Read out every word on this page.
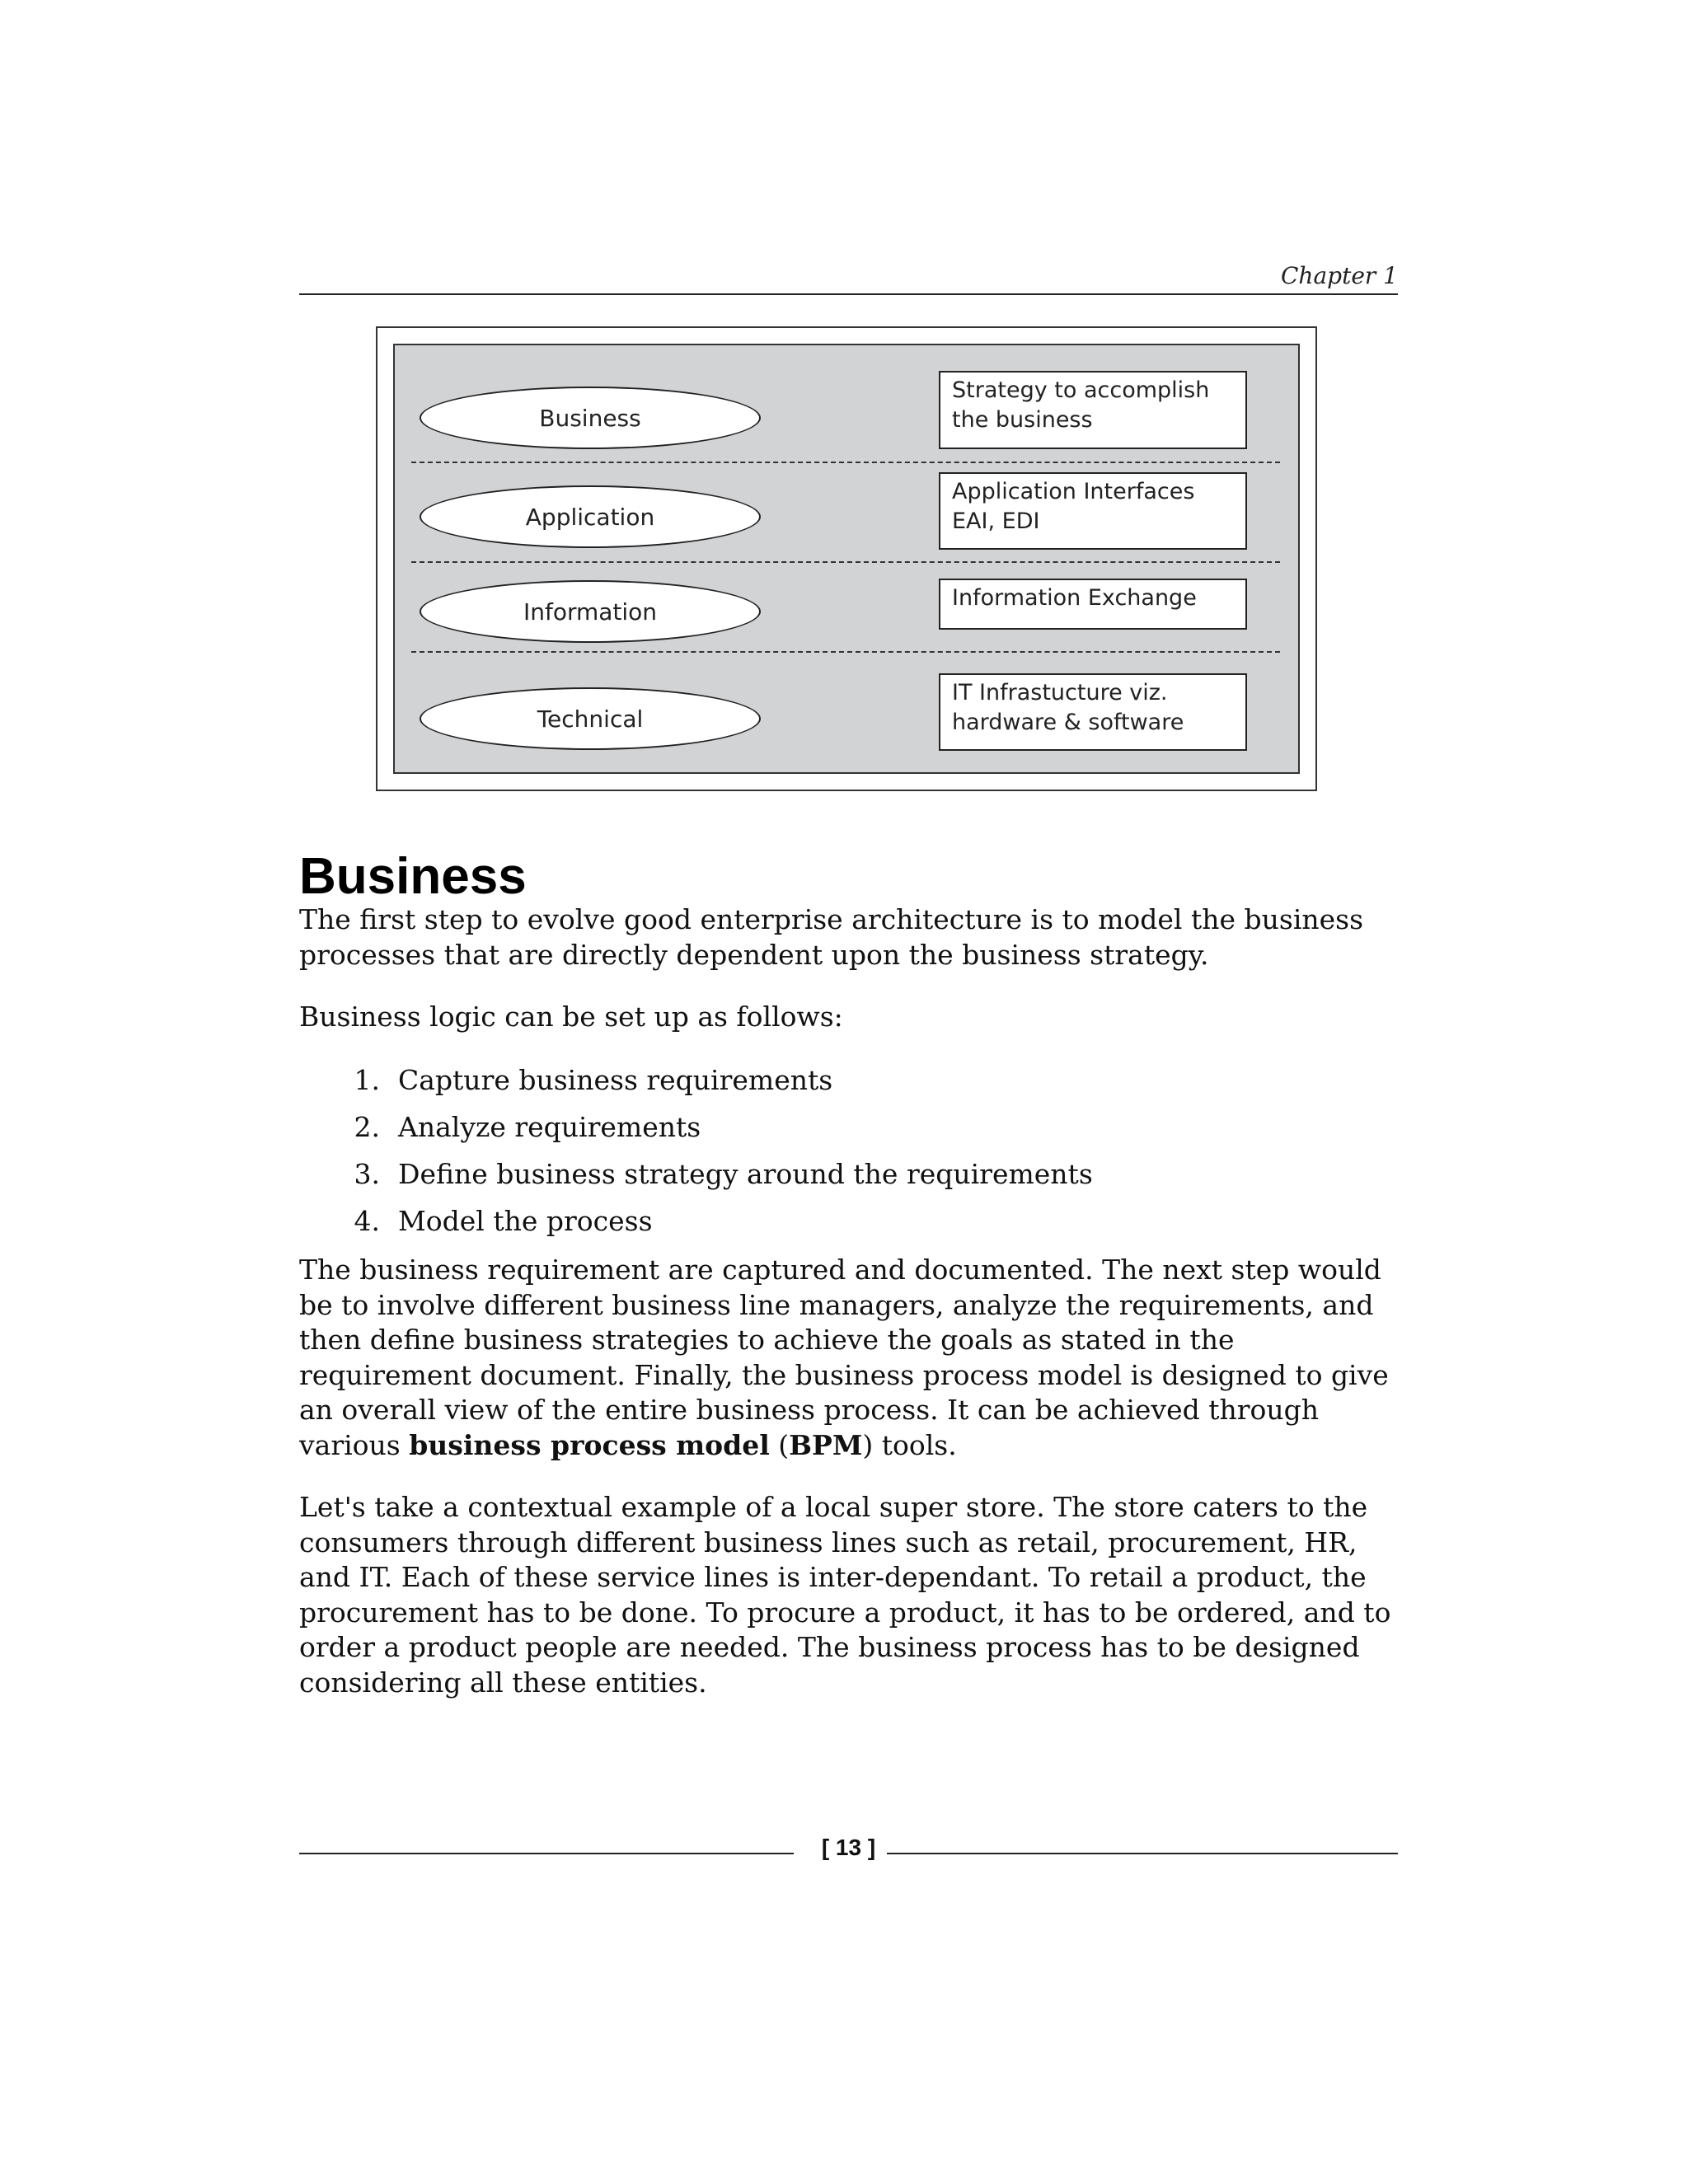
Chapter 1
Business
Strategy to accomplish the business
Application
Application Interfaces EAI, EDI
Information	Information Exchange
Technical
IT Infrastucture viz. hardware & software
Business

The first step to evolve good enterprise architecture is to model the business processes that are directly dependent upon the business strategy.

Business logic can be set up as follows:

1. Capture business requirements
2. Analyze requirements
3. Define business strategy around the requirements
4. Model the process

The business requirement are captured and documented. The next step would be to involve different business line managers, analyze the requirements, and then define business strategies to achieve the goals as stated in the requirement document. Finally, the business process model is designed to give an overall view of the entire business process. It can be achieved through various business process model (BPM) tools.

Let's take a contextual example of a local super store. The store caters to the consumers through different business lines such as retail, procurement, HR, and IT. Each of these service lines is inter-dependant. To retail a product, the procurement has to be done. To procure a product, it has to be ordered, and to order a product people are needed. The business process has to be designed considering all these entities.

[ 13 ]
